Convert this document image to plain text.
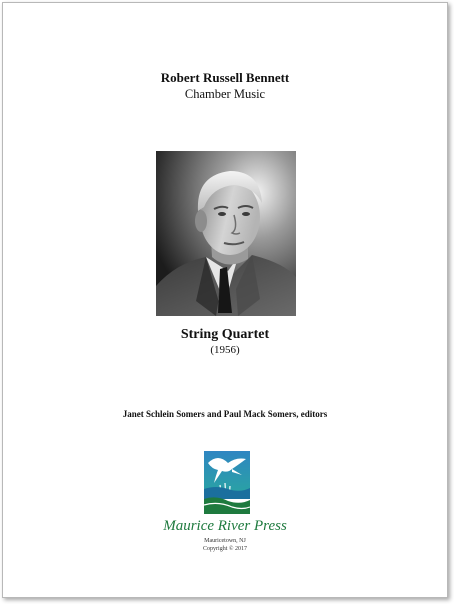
Robert Russell Bennett
Chamber Music
String Quartet
(1956)
Janet Schlein Somers and Paul Mack Somers, editors
Maurice River Press
Mauricetown, NJ
Copyright © 2017
